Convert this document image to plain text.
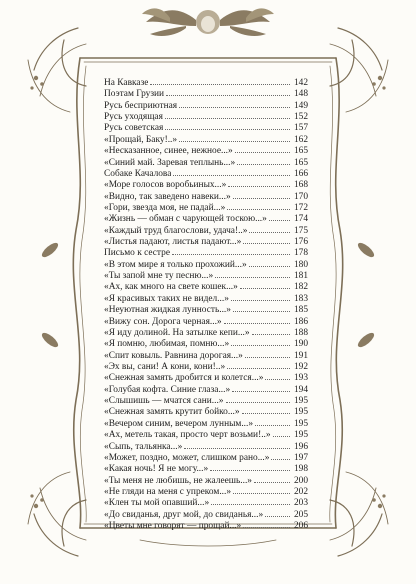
На Кавказе	142
Поэтам Грузии	148
Русь бесприютная	149
Русь уходящая	152
Русь советская	157
«Прощай, Баку!..»	162
«Несказанное, синее, нежное...»	165
«Синий май. Заревая теплынь...»	165
Собаке Качалова	166
«Море голосов воробьиных...»	168
«Видно, так заведено навеки...»	170
«Гори, звезда моя, не падай...»	172
«Жизнь — обман с чарующей тоскою...»	174
«Каждый труд благослови, удача!..»	175
«Листья падают, листья падают...»	176
Письмо к сестре	178
«В этом мире я только прохожий...»	180
«Ты запой мне ту песню...»	181
«Ах, как много на свете кошек...»	182
«Я красивых таких не видел...»	183
«Неуютная жидкая лунность...»	185
«Вижу сон. Дорога черная...»	186
«Я иду долиной. На затылке кепи...»	188
«Я помню, любимая, помню...»	190
«Спит ковыль. Равнина дорогая...»	191
«Эх вы, сани! А кони, кони!..»	192
«Снежная замять дробится и колется...»	193
«Голубая кофта. Синие глаза...»	194
«Слышишь — мчатся сани...»	195
«Снежная замять крутит бойко...»	195
«Вечером синим, вечером лунным...»	195
«Ах, метель такая, просто черт возьми!..» 195
«Сыпь, тальянка...»	196
«Может, поздно, может, слишком рано...»	197
«Какая ночь! Я не могу...»	198
«Ты меня не любишь, не жалеешь...»	200
«Не гляди на меня с упреком...»	202
«Клен ты мой опавший...»	203
«До свиданья, друг мой, до свиданья...»	205
«Цветы мне говорят — прощай...»	206
